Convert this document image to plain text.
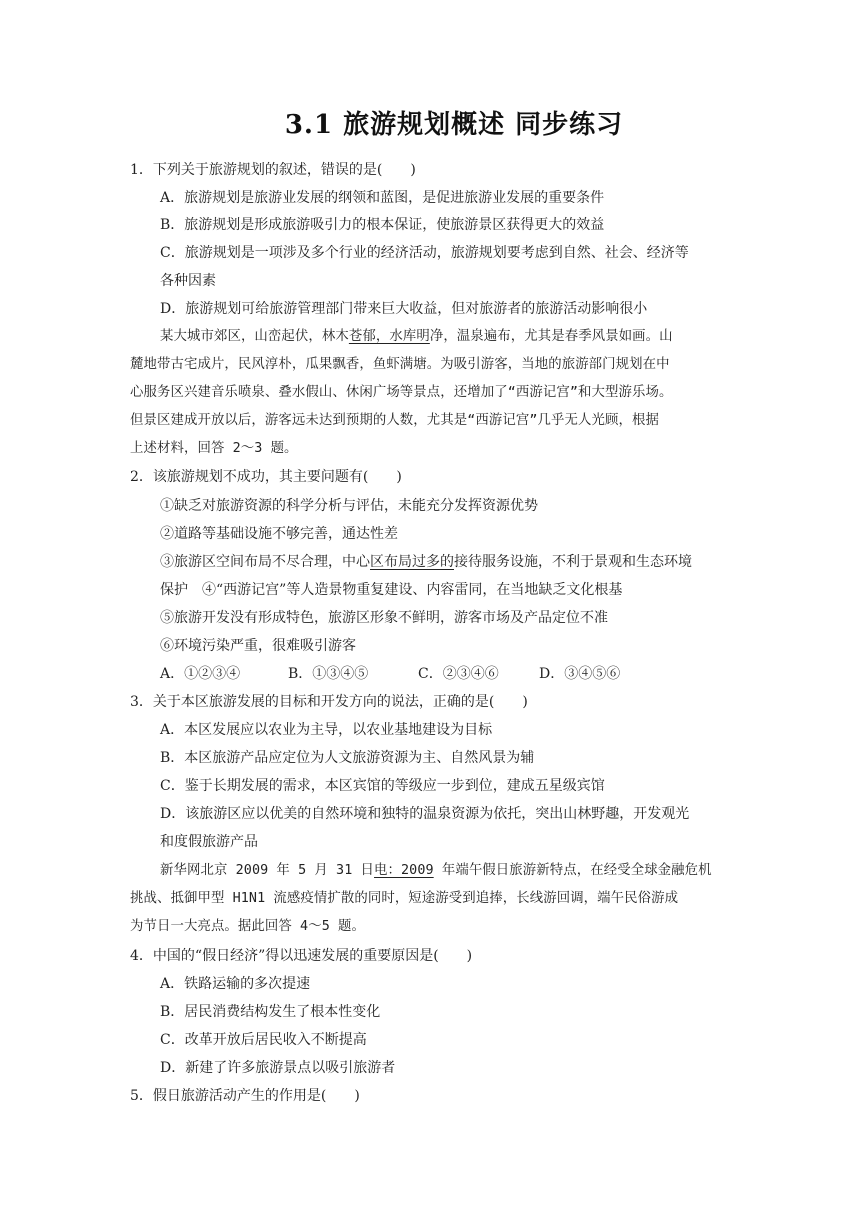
3.1 旅游规划概述 同步练习
1．下列关于旅游规划的叙述，错误的是(　　)
A．旅游规划是旅游业发展的纲领和蓝图，是促进旅游业发展的重要条件
B．旅游规划是形成旅游吸引力的根本保证，使旅游景区获得更大的效益
C．旅游规划是一项涉及多个行业的经济活动，旅游规划要考虑到自然、社会、经济等
各种因素
D．旅游规划可给旅游管理部门带来巨大收益，但对旅游者的旅游活动影响很小
某大城市郊区，山峦起伏，林木苍郁，水库明净，温泉遍布，尤其是春季风景如画。山
麓地带古宅成片，民风淳朴，瓜果飘香，鱼虾满塘。为吸引游客，当地的旅游部门规划在中
心服务区兴建音乐喷泉、叠水假山、休闲广场等景点，还增加了“西游记宫”和大型游乐场。
但景区建成开放以后，游客远未达到预期的人数，尤其是“西游记宫”几乎无人光顾，根据
上述材料，回答 2～3 题。
2．该旅游规划不成功，其主要问题有(　　)
①缺乏对旅游资源的科学分析与评估，未能充分发挥资源优势
②道路等基础设施不够完善，通达性差
③旅游区空间布局不尽合理，中心区布局过多的接待服务设施，不利于景观和生态环境
保护　④“西游记宫”等人造景物重复建设、内容雷同，在当地缺乏文化根基
⑤旅游开发没有形成特色，旅游区形象不鲜明，游客市场及产品定位不准
⑥环境污染严重，很难吸引游客
A．①②③④	B．①③④⑤	C．②③④⑥	D．③④⑤⑥
3．关于本区旅游发展的目标和开发方向的说法，正确的是(　　)
A．本区发展应以农业为主导，以农业基地建设为目标
B．本区旅游产品应定位为人文旅游资源为主、自然风景为辅
C．鉴于长期发展的需求，本区宾馆的等级应一步到位，建成五星级宾馆
D．该旅游区应以优美的自然环境和独特的温泉资源为依托，突出山林野趣，开发观光
和度假旅游产品
新华网北京 2009 年 5 月 31 日电：2009 年端午假日旅游新特点，在经受全球金融危机
挑战、抵御甲型 H1N1 流感疫情扩散的同时，短途游受到追捧，长线游回调，端午民俗游成
为节日一大亮点。据此回答 4～5 题。
4．中国的“假日经济”得以迅速发展的重要原因是(　　)
A．铁路运输的多次提速
B．居民消费结构发生了根本性变化
C．改革开放后居民收入不断提高
D．新建了许多旅游景点以吸引旅游者
5．假日旅游活动产生的作用是(　　)
